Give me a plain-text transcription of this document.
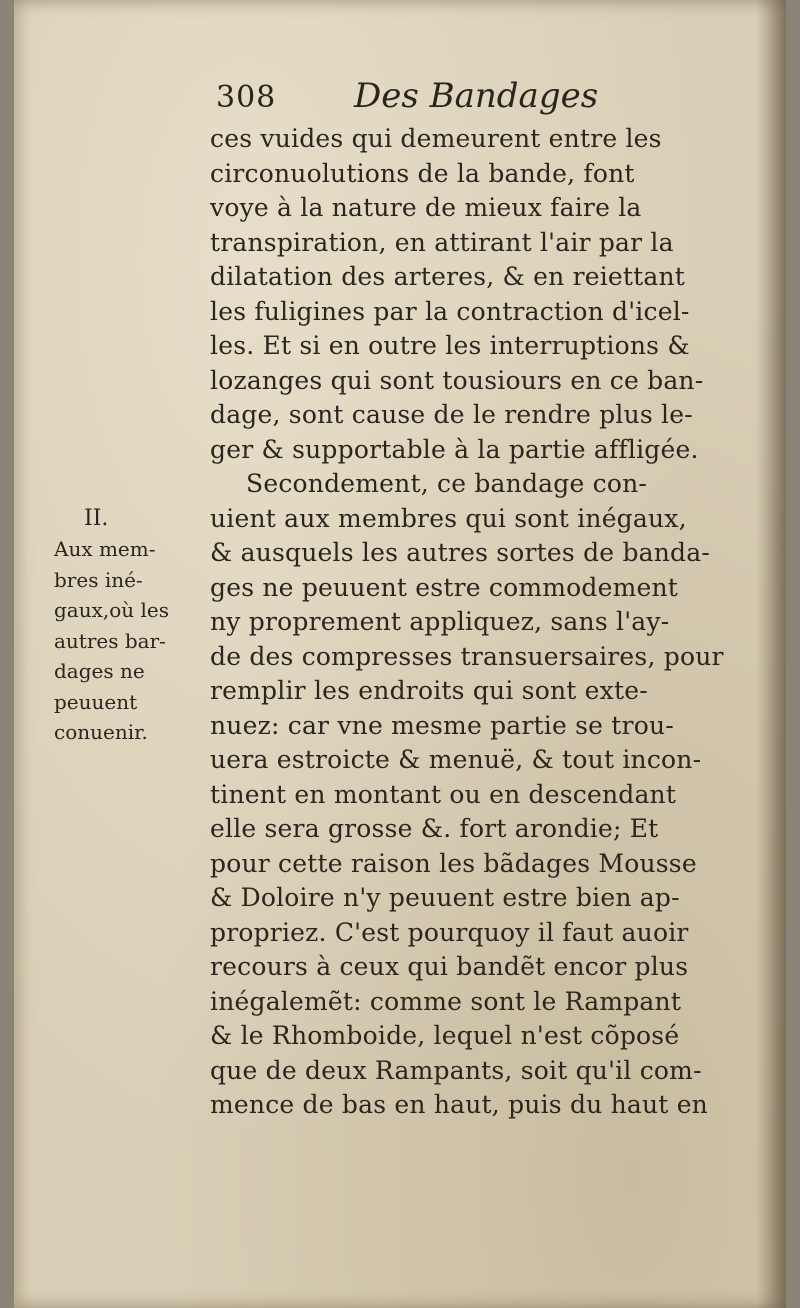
308 Des Bandages
II.
Aux mem-
bres iné-
gaux,où les
autres bar-
dages ne
peuuent
conuenir.
ces vuides qui demeurent entre les
circonuolutions de la bande, font
voye à la nature de mieux faire la
transpiration, en attirant l'air par la
dilatation des arteres, & en reiettant
les fuligines par la contraction d'icel-
les. Et si en outre les interruptions &
lozanges qui sont tousiours en ce ban-
dage, sont cause de le rendre plus le-
ger & supportable à la partie affligée.
Secondement, ce bandage con-
uient aux membres qui sont inégaux,
& ausquels les autres sortes de banda-
ges ne peuuent estre commodement
ny proprement appliquez, sans l'ay-
de des compresses transuersaires, pour
remplir les endroits qui sont exte-
nuez: car vne mesme partie se trou-
uera estroicte & menuë, & tout incon-
tinent en montant ou en descendant
elle sera grosse &. fort arondie; Et
pour cette raison les bãdages Mousse
& Doloire n'y peuuent estre bien ap-
propriez. C'est pourquoy il faut auoir
recours à ceux qui bandẽt encor plus
inégalemẽt: comme sont le Rampant
& le Rhomboide, lequel n'est cõposé
que de deux Rampants, soit qu'il com-
mence de bas en haut, puis du haut en
